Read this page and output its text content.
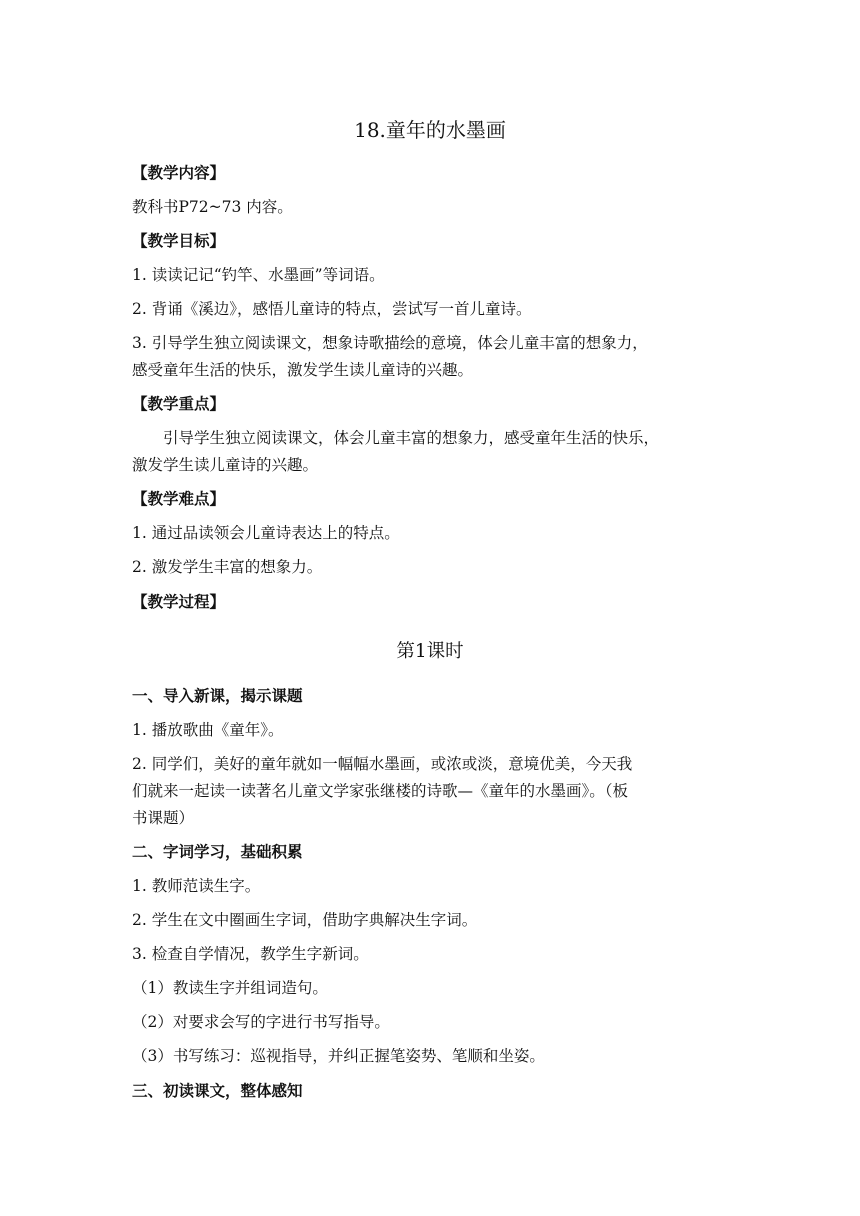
18.童年的水墨画
【教学内容】
教科书P72~73 内容。
【教学目标】
1. 读读记记“钓竿、水墨画”等词语。
2. 背诵《溪边》，感悟儿童诗的特点，尝试写一首儿童诗。
3. 引导学生独立阅读课文，想象诗歌描绘的意境，体会儿童丰富的想象力，
感受童年生活的快乐，激发学生读儿童诗的兴趣。
【教学重点】
　　引导学生独立阅读课文，体会儿童丰富的想象力，感受童年生活的快乐，
激发学生读儿童诗的兴趣。
【教学难点】
1. 通过品读领会儿童诗表达上的特点。
2. 激发学生丰富的想象力。
【教学过程】
第1课时
一、导入新课，揭示课题
1. 播放歌曲《童年》。
2. 同学们，美好的童年就如一幅幅水墨画，或浓或淡，意境优美，今天我
们就来一起读一读著名儿童文学家张继楼的诗歌—《童年的水墨画》。（板
书课题）
二、字词学习，基础积累
1. 教师范读生字。
2. 学生在文中圈画生字词，借助字典解决生字词。
3. 检查自学情况，教学生字新词。
（1）教读生字并组词造句。
（2）对要求会写的字进行书写指导。
（3）书写练习：巡视指导，并纠正握笔姿势、笔顺和坐姿。
三、初读课文，整体感知
